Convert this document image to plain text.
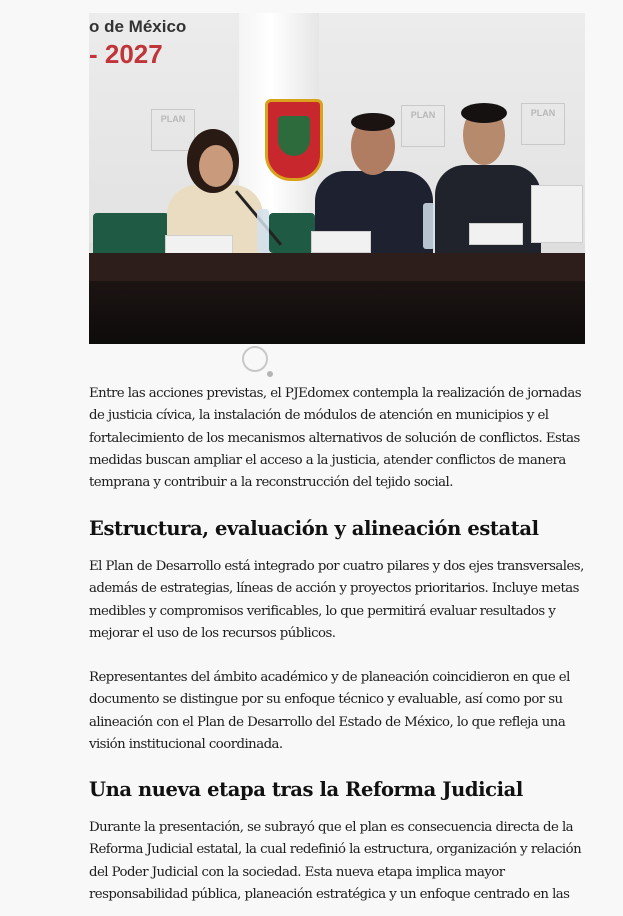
o de México
- 2027
PLAN	PLAN	PLAN

Entre las acciones previstas, el PJEdomex contempla la realización de jornadas
de justicia cívica, la instalación de módulos de atención en municipios y el
fortalecimiento de los mecanismos alternativos de solución de conflictos. Estas
medidas buscan ampliar el acceso a la justicia, atender conflictos de manera
temprana y contribuir a la reconstrucción del tejido social.

Estructura, evaluación y alineación estatal

El Plan de Desarrollo está integrado por cuatro pilares y dos ejes transversales,
además de estrategias, líneas de acción y proyectos prioritarios. Incluye metas
medibles y compromisos verificables, lo que permitirá evaluar resultados y
mejorar el uso de los recursos públicos.

Representantes del ámbito académico y de planeación coincidieron en que el
documento se distingue por su enfoque técnico y evaluable, así como por su
alineación con el Plan de Desarrollo del Estado de México, lo que refleja una
visión institucional coordinada.

Una nueva etapa tras la Reforma Judicial

Durante la presentación, se subrayó que el plan es consecuencia directa de la
Reforma Judicial estatal, la cual redefinió la estructura, organización y relación
del Poder Judicial con la sociedad. Esta nueva etapa implica mayor
responsabilidad pública, planeación estratégica y un enfoque centrado en las
